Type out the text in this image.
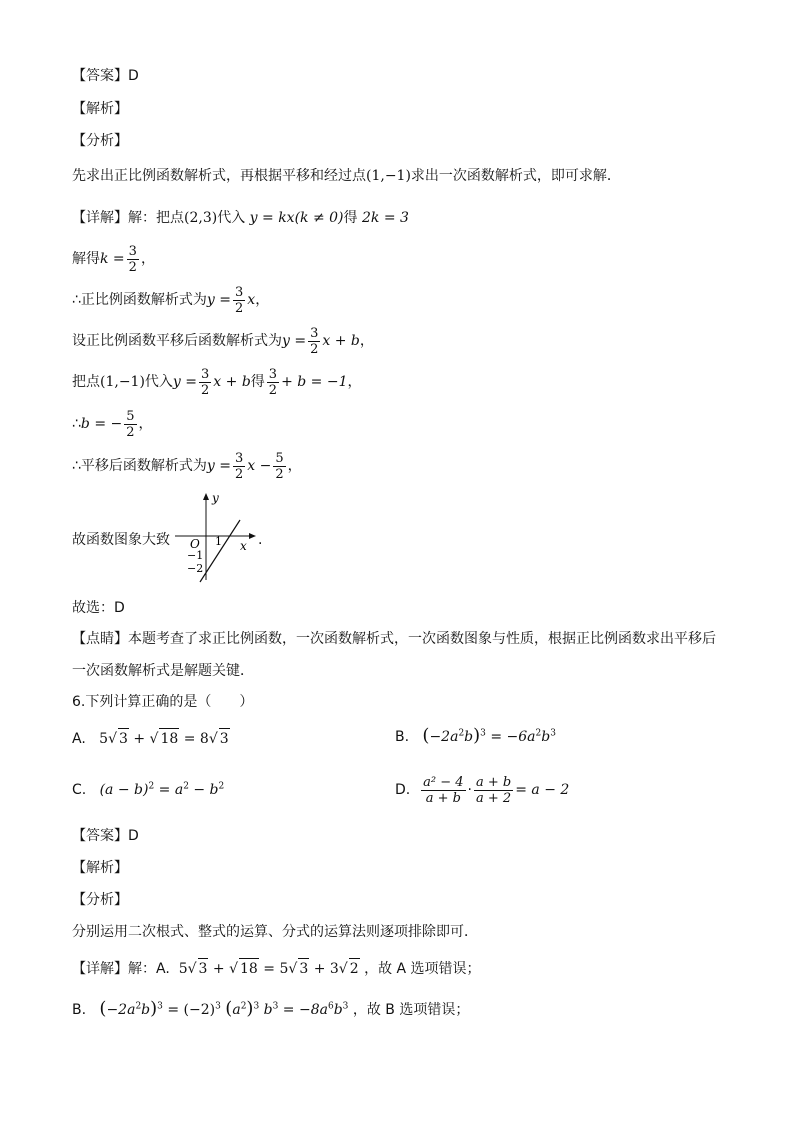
【答案】D
【解析】
【分析】
先求出正比例函数解析式，再根据平移和经过点(1,−1)求出一次函数解析式，即可求解．
【详解】解：把点(2,3)代入 y = kx(k ≠ 0)得 2k = 3
解得 $k = \frac{3}{2}$ ，
∴正比例函数解析式为 $y = \frac{3}{2}$ x ，
设正比例函数平移后函数解析式为 $y = \frac{3}{2}$ x + b ，
把点 (1,−1) 代入 $y = \frac{3}{2}$ x + b 得 $\frac{3}{2} + b = -1$ ，
∴ b = − $\frac{5}{2}$ ，
∴平移后函数解析式为 $y = \frac{3}{2}$ $x - \frac{5}{2}$ ，
故函数图象大致
y
x
O 1
−1
−2
.
故选：D
【点睛】本题考查了求正比例函数，一次函数解析式，一次函数图象与性质，根据正比例函数求出平移后
一次函数解析式是解题关键．
6.下列计算正确的是（　　）
A. 5√ 3 + √ 18 = 8√ 3	B. $(-2a^2b)^3 = -6a^2b^3$
C. $(a - b)^2 = a^2 - b^2$	D.
$\frac{\text{a² − 4}}{a + b} \cdot \frac{a + b}{a + 2} = a - 2$
【答案】D
【解析】
【分析】
分别运用二次根式、整式的运算、分式的运算法则逐项排除即可．
【详解】解：A. 5√ 3 + √ 18 = 5√ 3 + 3√ 2 ，故 A 选项错误；
B. $(-2a^2b)^3 = (-2)^3$ $(a^2)^3$ $b^3 = -8a^6b^3$ ，故 B 选项错误；
